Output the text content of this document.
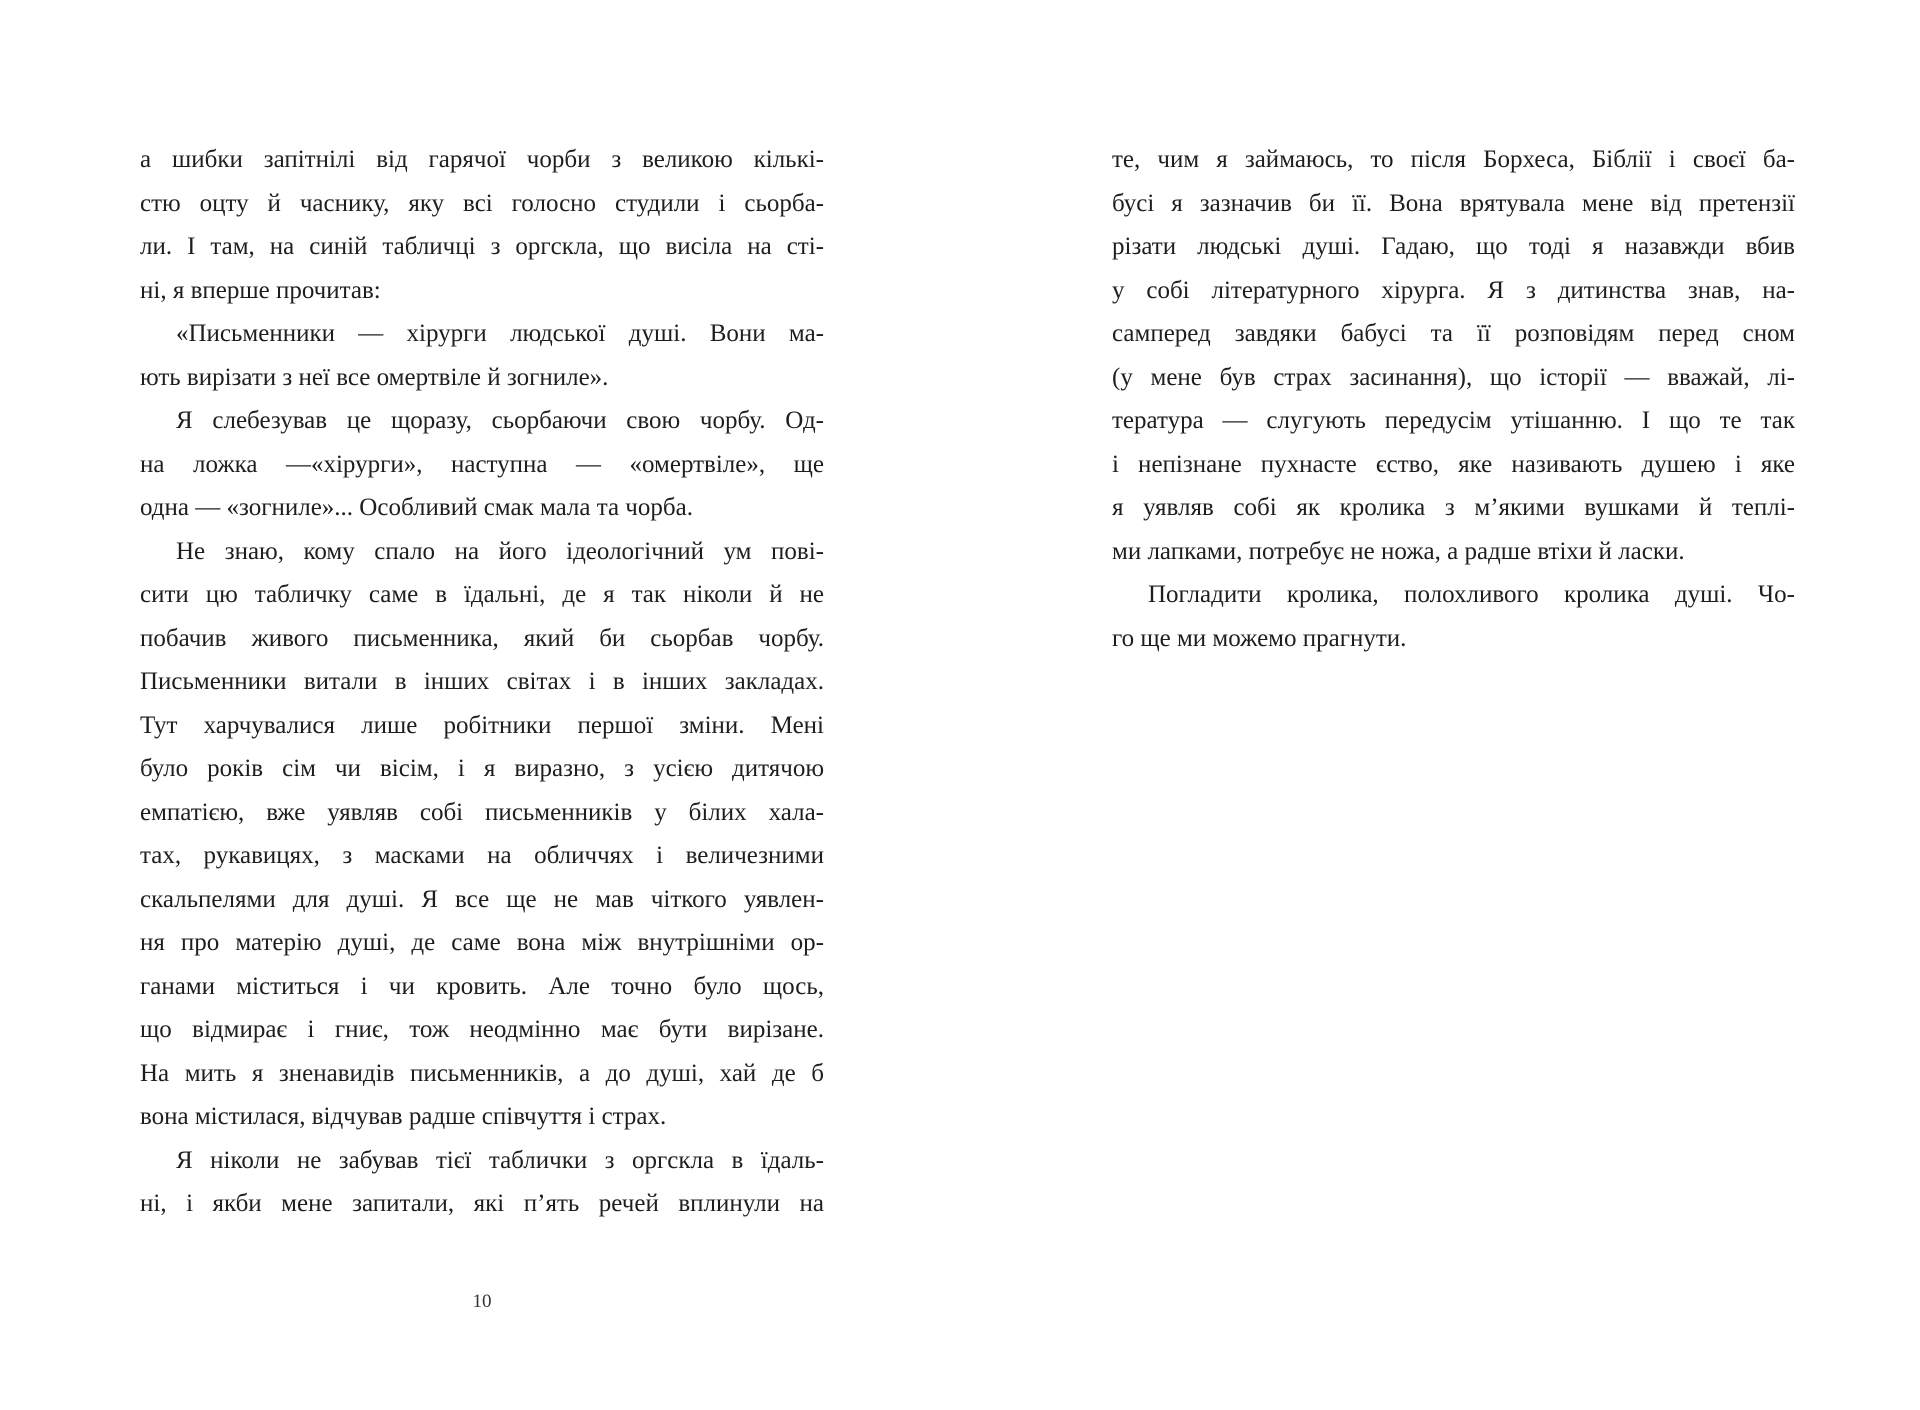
а шибки запітнілі від гарячої чорби з великою кількі-
стю оцту й часнику, яку всі голосно студили і сьорба-
ли. І там, на синій табличці з оргскла, що висіла на сті-
ні, я вперше прочитав:
«Письменники — хірурги людської душі. Вони ма-
ють вирізати з неї все омертвіле й зогниле».
Я слебезував це щоразу, сьорбаючи свою чорбу. Од-
на ложка —«хірурги», наступна — «омертвіле», ще
одна — «зогниле»... Особливий смак мала та чорба.
Не знаю, кому спало на його ідеологічний ум пові-
сити цю табличку саме в їдальні, де я так ніколи й не
побачив живого письменника, який би сьорбав чорбу.
Письменники витали в інших світах і в інших закладах.
Тут харчувалися лише робітники першої зміни. Мені
було років сім чи вісім, і я виразно, з усією дитячою
емпатією, вже уявляв собі письменників у білих хала-
тах, рукавицях, з масками на обличчях і величезними
скальпелями для душі. Я все ще не мав чіткого уявлен-
ня про матерію душі, де саме вона між внутрішніми ор-
ганами міститься і чи кровить. Але точно було щось,
що відмирає і гниє, тож неодмінно має бути вирізане.
На мить я зненавидів письменників, а до душі, хай де б
вона містилася, відчував радше співчуття і страх.
Я ніколи не забував тієї таблички з оргскла в їдаль-
ні, і якби мене запитали, які п’ять речей вплинули на
10
те, чим я займаюсь, то після Борхеса, Біблії і своєї ба-
бусі я зазначив би її. Вона врятувала мене від претензії
різати людські душі. Гадаю, що тоді я назавжди вбив
у собі літературного хірурга. Я з дитинства знав, на-
самперед завдяки бабусі та її розповідям перед сном
(у мене був страх засинання), що історії — вважай, лі-
тература — слугують передусім утішанню. І що те так
і непізнане пухнасте єство, яке називають душею і яке
я уявляв собі як кролика з м’якими вушками й теплі-
ми лапками, потребує не ножа, а радше втіхи й ласки.
Погладити кролика, полохливого кролика душі. Чо-
го ще ми можемо прагнути.
